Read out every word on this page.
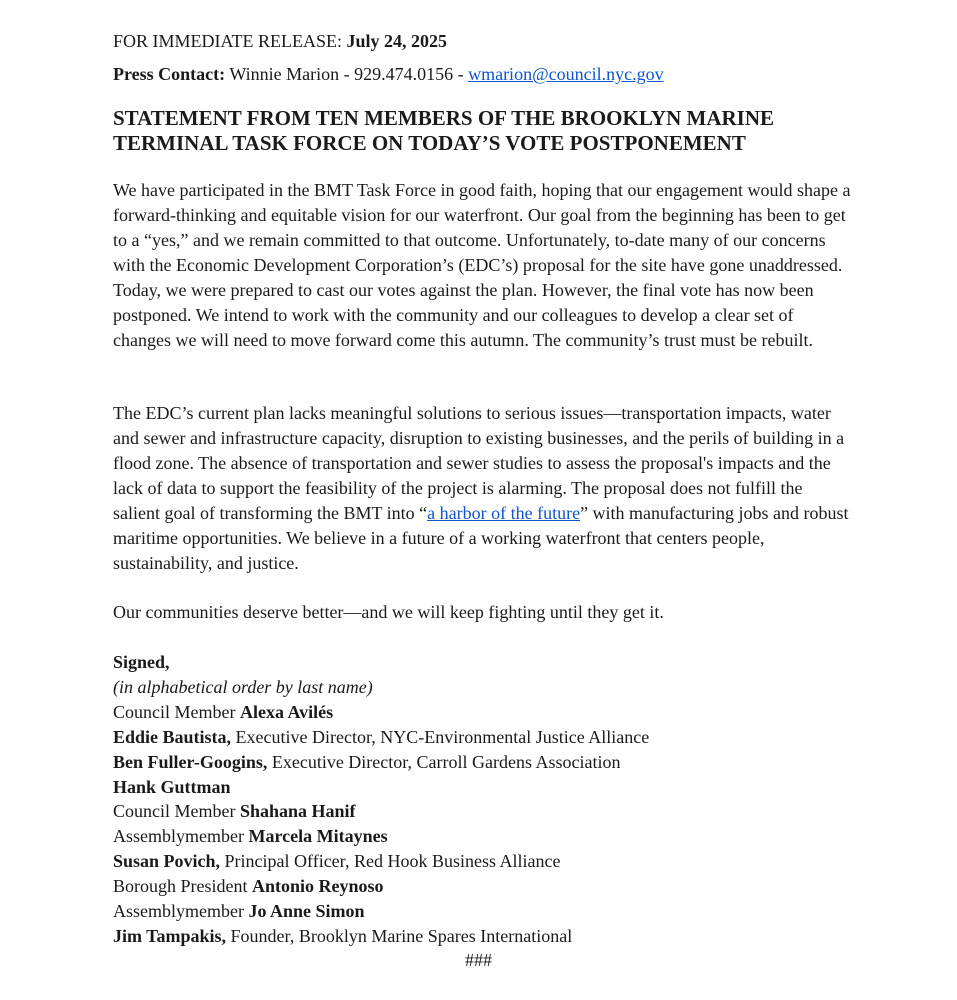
FOR IMMEDIATE RELEASE: July 24, 2025
Press Contact: Winnie Marion - 929.474.0156 - wmarion@council.nyc.gov
STATEMENT FROM TEN MEMBERS OF THE BROOKLYN MARINE TERMINAL TASK FORCE ON TODAY’S VOTE POSTPONEMENT

We have participated in the BMT Task Force in good faith, hoping that our engagement would shape a forward-thinking and equitable vision for our waterfront. Our goal from the beginning has been to get to a “yes,” and we remain committed to that outcome. Unfortunately, to-date many of our concerns with the Economic Development Corporation’s (EDC’s) proposal for the site have gone unaddressed. Today, we were prepared to cast our votes against the plan. However, the final vote has now been postponed. We intend to work with the community and our colleagues to develop a clear set of changes we will need to move forward come this autumn. The community’s trust must be rebuilt.

The EDC’s current plan lacks meaningful solutions to serious issues—transportation impacts, water and sewer and infrastructure capacity, disruption to existing businesses, and the perils of building in a flood zone. The absence of transportation and sewer studies to assess the proposal's impacts and the lack of data to support the feasibility of the project is alarming. The proposal does not fulfill the salient goal of transforming the BMT into “a harbor of the future” with manufacturing jobs and robust maritime opportunities. We believe in a future of a working waterfront that centers people, sustainability, and justice.

Our communities deserve better—and we will keep fighting until they get it.

Signed,
(in alphabetical order by last name)
Council Member Alexa Avilés
Eddie Bautista, Executive Director, NYC-Environmental Justice Alliance
Ben Fuller-Googins, Executive Director, Carroll Gardens Association
Hank Guttman
Council Member Shahana Hanif
Assemblymember Marcela Mitaynes
Susan Povich, Principal Officer, Red Hook Business Alliance
Borough President Antonio Reynoso
Assemblymember Jo Anne Simon
Jim Tampakis, Founder, Brooklyn Marine Spares International
###
